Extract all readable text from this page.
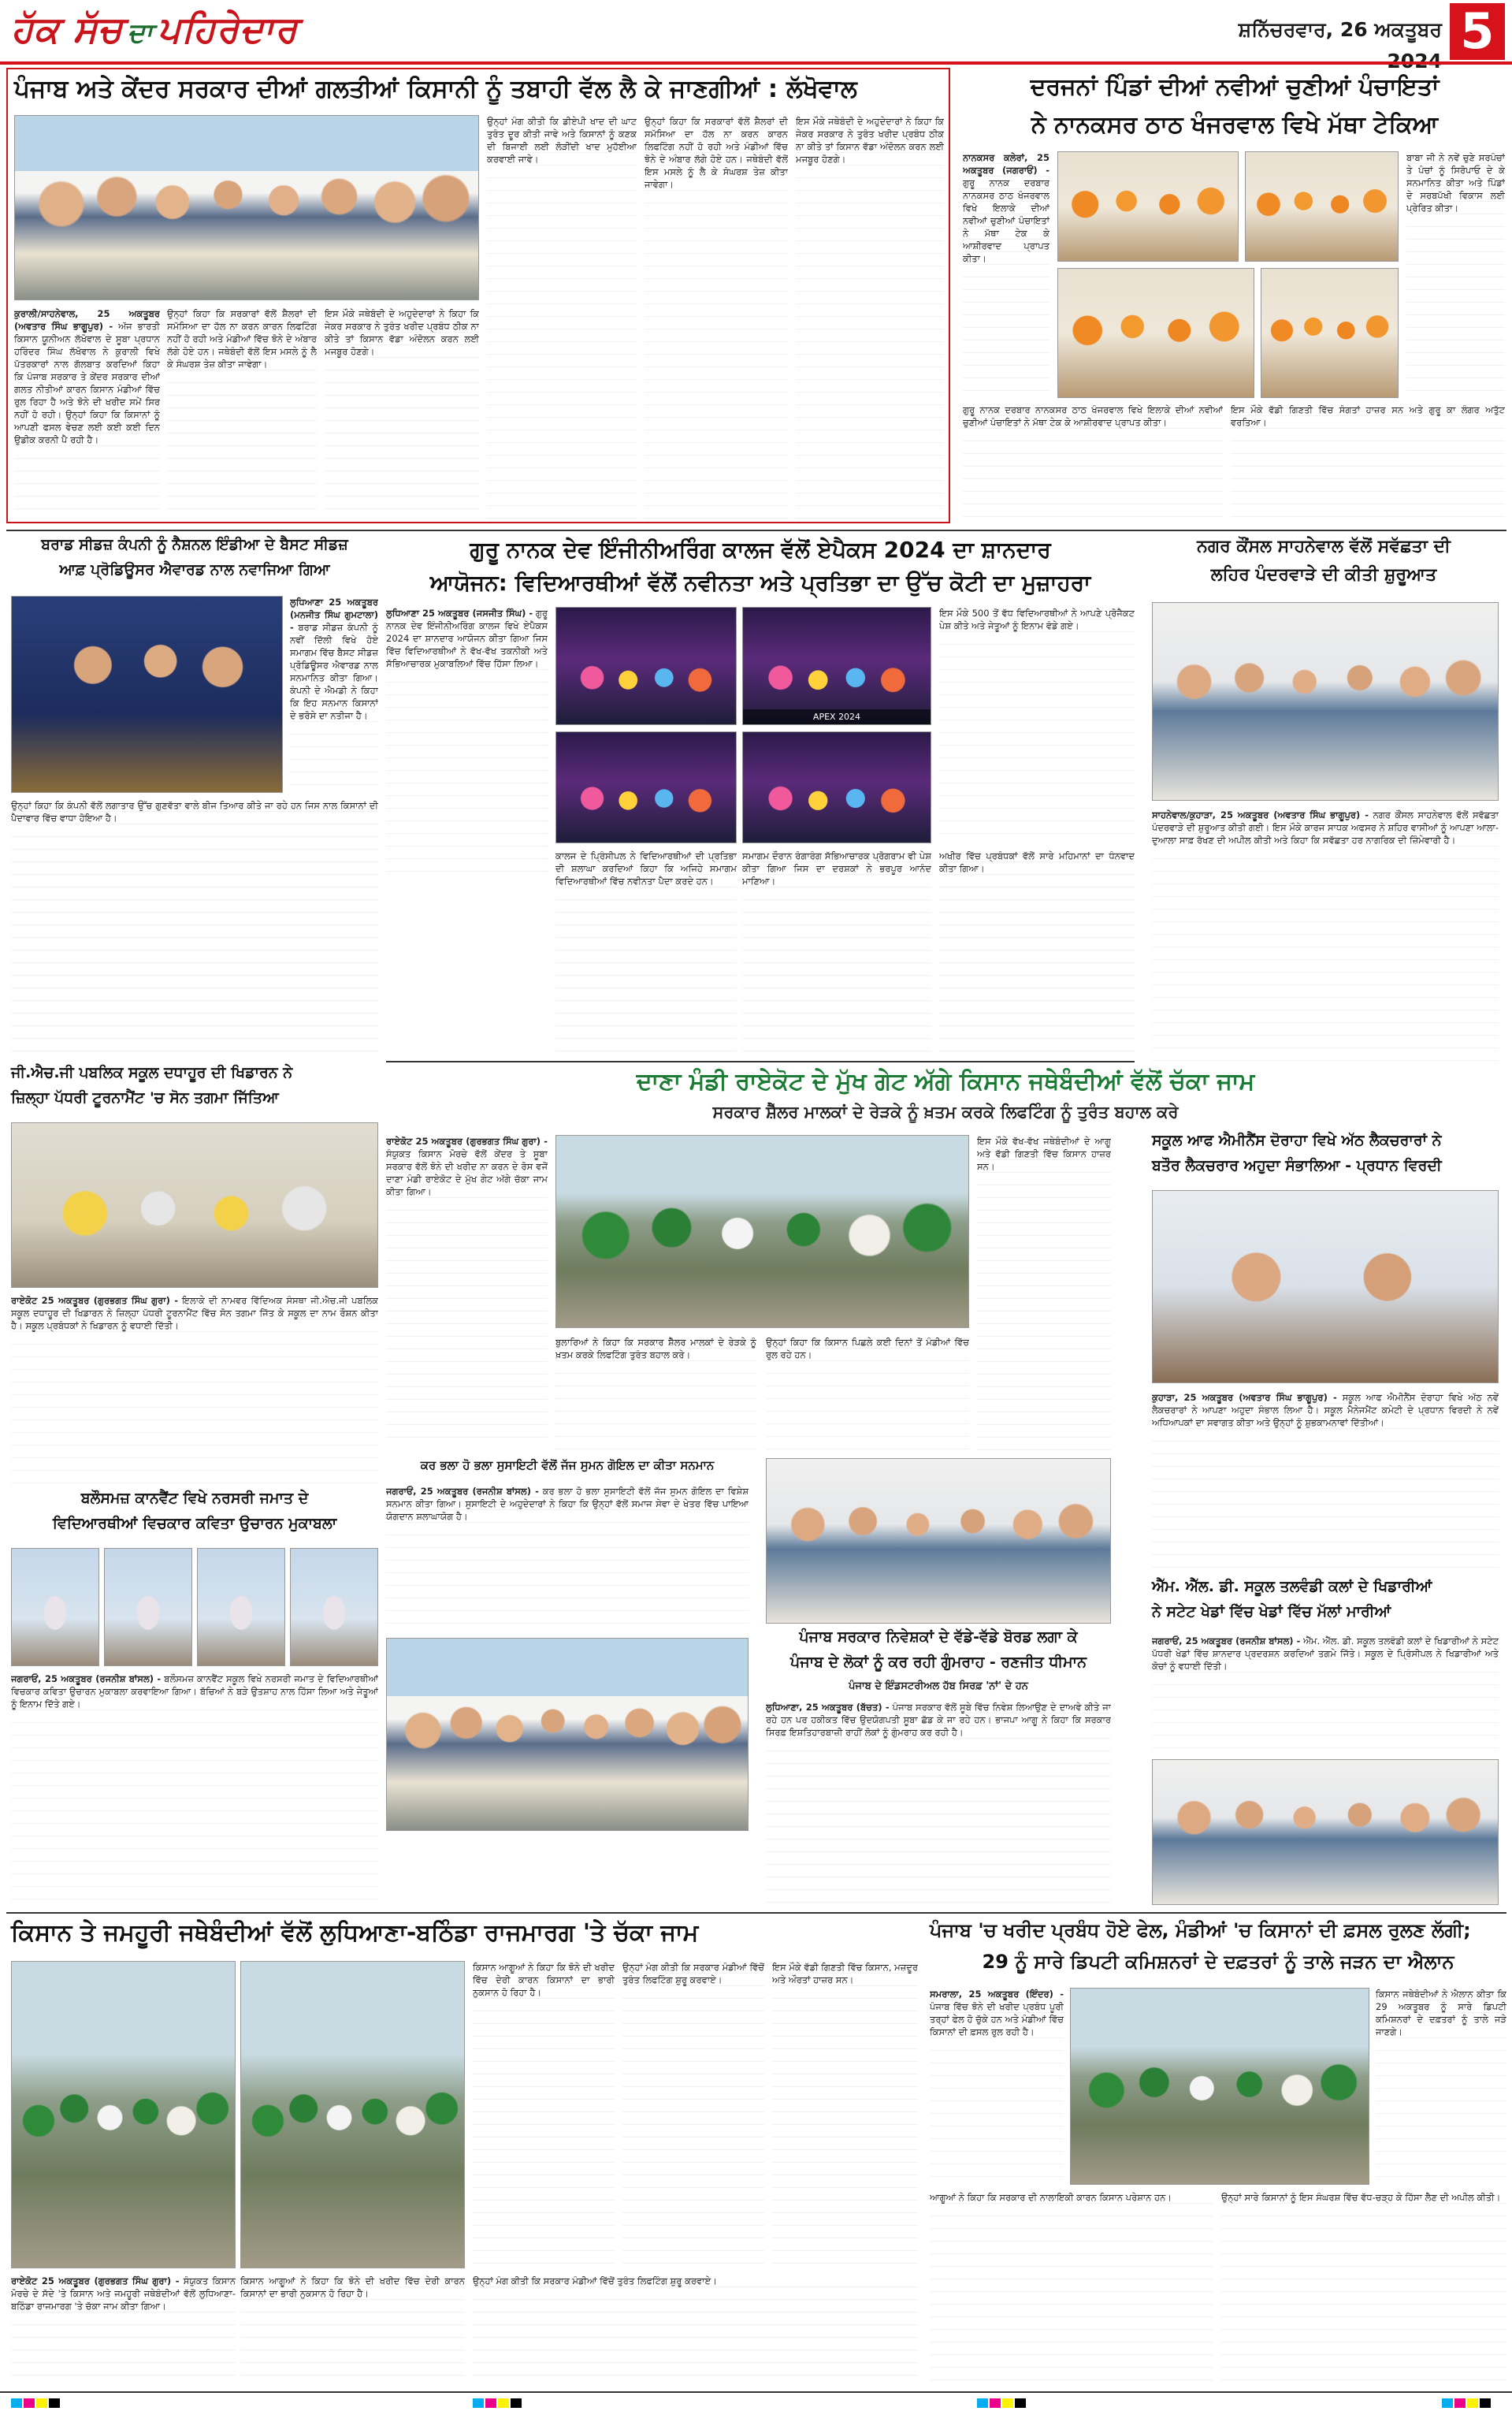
ਹੱਕ ਸੱਚ ਦਾ ਪਹਿਰੇਦਾਰ	ਸ਼ਨਿੱਚਰਵਾਰ, 26 ਅਕਤੂਬਰ 5
ਪੰਜਾਬ ਅਤੇ ਕੇਂਦਰ ਸਰਕਾਰ ਦੀਆਂ ਗਲਤੀਆਂ ਕਿਸਾਨੀ ਨੂੰ ਤਬਾਹੀ ਵੱਲ ਲੈ ਕੇ ਜਾਣਗੀਆਂ : ਲੱਖੋਵਾਲ
ਕੁਰਾਲੀ/ਸਾਹਨੇਵਾਲ, 25 ਅਕਤੂਬਰ (ਅਵਤਾਰ ਸਿੰਘ ਭਾਗੂਪੁਰ) - ਅੱਜ ਭਾਰਤੀ ਕਿਸਾਨ ਯੂਨੀਅਨ ਲੱਖੋਵਾਲ ਦੇ ਸੂਬਾ ਪ੍ਰਧਾਨ ਹਰਿੰਦਰ ਸਿੰਘ ਲੱਖੋਵਾਲ ਨੇ ਕੁਰਾਲੀ ਵਿਖੇ ਪੱਤਰਕਾਰਾਂ ਨਾਲ ਗੱਲਬਾਤ ਕਰਦਿਆਂ ਕਿਹਾ ਕਿ ਪੰਜਾਬ ਸਰਕਾਰ ਤੇ ਕੇਂਦਰ ਸਰਕਾਰ ਦੀਆਂ ਗਲਤ ਨੀਤੀਆਂ ਕਾਰਨ ਕਿਸਾਨ ਮੰਡੀਆਂ ਵਿੱਚ ਰੁਲ ਰਿਹਾ ਹੈ ਅਤੇ ਝੋਨੇ ਦੀ ਖਰੀਦ ਸਮੇਂ ਸਿਰ ਨਹੀਂ ਹੋ ਰਹੀ। ਉਨ੍ਹਾਂ ਕਿਹਾ ਕਿ ਕਿਸਾਨਾਂ ਨੂੰ ਆਪਣੀ ਫਸਲ ਵੇਚਣ ਲਈ ਕਈ ਕਈ ਦਿਨ ਉਡੀਕ ਕਰਨੀ ਪੈ ਰਹੀ ਹੈ।
ਉਨ੍ਹਾਂ ਕਿਹਾ ਕਿ ਸਰਕਾਰਾਂ ਵੱਲੋਂ ਸ਼ੈਲਰਾਂ ਦੀ ਸਮੱਸਿਆ ਦਾ ਹੱਲ ਨਾ ਕਰਨ ਕਾਰਨ ਲਿਫਟਿੰਗ ਨਹੀਂ ਹੋ ਰਹੀ ਅਤੇ ਮੰਡੀਆਂ ਵਿੱਚ ਝੋਨੇ ਦੇ ਅੰਬਾਰ ਲੱਗੇ ਹੋਏ ਹਨ। ਜਥੇਬੰਦੀ ਵੱਲੋਂ ਇਸ ਮਸਲੇ ਨੂੰ ਲੈ ਕੇ ਸੰਘਰਸ਼ ਤੇਜ਼ ਕੀਤਾ ਜਾਵੇਗਾ।
ਇਸ ਮੌਕੇ ਜਥੇਬੰਦੀ ਦੇ ਅਹੁਦੇਦਾਰਾਂ ਨੇ ਕਿਹਾ ਕਿ ਜੇਕਰ ਸਰਕਾਰ ਨੇ ਤੁਰੰਤ ਖਰੀਦ ਪ੍ਰਬੰਧ ਠੀਕ ਨਾ ਕੀਤੇ ਤਾਂ ਕਿਸਾਨ ਵੱਡਾ ਅੰਦੋਲਨ ਕਰਨ ਲਈ ਮਜਬੂਰ ਹੋਣਗੇ।
ਉਨ੍ਹਾਂ ਮੰਗ ਕੀਤੀ ਕਿ ਡੀਏਪੀ ਖਾਦ ਦੀ ਘਾਟ ਤੁਰੰਤ ਦੂਰ ਕੀਤੀ ਜਾਵੇ ਅਤੇ ਕਿਸਾਨਾਂ ਨੂੰ ਕਣਕ ਦੀ ਬਿਜਾਈ ਲਈ ਲੋੜੀਂਦੀ ਖਾਦ ਮੁਹੱਈਆ ਕਰਵਾਈ ਜਾਵੇ।
ਉਨ੍ਹਾਂ ਕਿਹਾ ਕਿ ਸਰਕਾਰਾਂ ਵੱਲੋਂ ਸ਼ੈਲਰਾਂ ਦੀ ਸਮੱਸਿਆ ਦਾ ਹੱਲ ਨਾ ਕਰਨ ਕਾਰਨ ਲਿਫਟਿੰਗ ਨਹੀਂ ਹੋ ਰਹੀ ਅਤੇ ਮੰਡੀਆਂ ਵਿੱਚ ਝੋਨੇ ਦੇ ਅੰਬਾਰ ਲੱਗੇ ਹੋਏ ਹਨ। ਜਥੇਬੰਦੀ ਵੱਲੋਂ ਇਸ ਮਸਲੇ ਨੂੰ ਲੈ ਕੇ ਸੰਘਰਸ਼ ਤੇਜ਼ ਕੀਤਾ ਜਾਵੇਗਾ।
ਇਸ ਮੌਕੇ ਜਥੇਬੰਦੀ ਦੇ ਅਹੁਦੇਦਾਰਾਂ ਨੇ ਕਿਹਾ ਕਿ ਜੇਕਰ ਸਰਕਾਰ ਨੇ ਤੁਰੰਤ ਖਰੀਦ ਪ੍ਰਬੰਧ ਠੀਕ ਨਾ ਕੀਤੇ ਤਾਂ ਕਿਸਾਨ ਵੱਡਾ ਅੰਦੋਲਨ ਕਰਨ ਲਈ ਮਜਬੂਰ ਹੋਣਗੇ।
ਦਰਜਨਾਂ ਪਿੰਡਾਂ ਦੀਆਂ ਨਵੀਆਂ ਚੁਣੀਆਂ ਪੰਚਾਇਤਾਂ
ਨੇ ਨਾਨਕਸਰ ਠਾਠ ਖੰਜਰਵਾਲ ਵਿਖੇ ਮੱਥਾ ਟੇਕਿਆ
ਨਾਨਕਸਰ ਕਲੇਰਾਂ, 25 ਅਕਤੂਬਰ (ਜਗਰਾਓਂ) - ਗੁਰੂ ਨਾਨਕ ਦਰਬਾਰ ਨਾਨਕਸਰ ਠਾਠ ਖੰਜਰਵਾਲ ਵਿਖੇ ਇਲਾਕੇ ਦੀਆਂ ਨਵੀਆਂ ਚੁਣੀਆਂ ਪੰਚਾਇਤਾਂ ਨੇ ਮੱਥਾ ਟੇਕ ਕੇ ਆਸ਼ੀਰਵਾਦ ਪ੍ਰਾਪਤ ਕੀਤਾ।
ਬਾਬਾ ਜੀ ਨੇ ਨਵੇਂ ਚੁਣੇ ਸਰਪੰਚਾਂ ਤੇ ਪੰਚਾਂ ਨੂੰ ਸਿਰੋਪਾਓ ਦੇ ਕੇ ਸਨਮਾਨਿਤ ਕੀਤਾ ਅਤੇ ਪਿੰਡਾਂ ਦੇ ਸਰਬਪੱਖੀ ਵਿਕਾਸ ਲਈ ਪ੍ਰੇਰਿਤ ਕੀਤਾ।
ਗੁਰੂ ਨਾਨਕ ਦਰਬਾਰ ਨਾਨਕਸਰ ਠਾਠ ਖੰਜਰਵਾਲ ਵਿਖੇ ਇਲਾਕੇ ਦੀਆਂ ਨਵੀਆਂ ਚੁਣੀਆਂ ਪੰਚਾਇਤਾਂ ਨੇ ਮੱਥਾ ਟੇਕ ਕੇ ਆਸ਼ੀਰਵਾਦ ਪ੍ਰਾਪਤ ਕੀਤਾ।
ਇਸ ਮੌਕੇ ਵੱਡੀ ਗਿਣਤੀ ਵਿੱਚ ਸੰਗਤਾਂ ਹਾਜ਼ਰ ਸਨ ਅਤੇ ਗੁਰੂ ਕਾ ਲੰਗਰ ਅਤੁੱਟ ਵਰਤਿਆ।
ਬਰਾਡ ਸੀਡਜ਼ ਕੰਪਨੀ ਨੂੰ ਨੈਸ਼ਨਲ ਇੰਡੀਆ ਦੇ ਬੈਸਟ ਸੀਡਜ਼
ਆਫ਼ ਪ੍ਰੋਡਿਊਸਰ ਐਵਾਰਡ ਨਾਲ ਨਵਾਜਿਆ ਗਿਆ
ਲੁਧਿਆਣਾ 25 ਅਕਤੂਬਰ (ਮਨਜੀਤ ਸਿੰਘ ਗੁਮਟਾਲਾ) - ਬਰਾਡ ਸੀਡਜ਼ ਕੰਪਨੀ ਨੂੰ ਨਵੀਂ ਦਿੱਲੀ ਵਿਖੇ ਹੋਏ ਸਮਾਗਮ ਵਿੱਚ ਬੈਸਟ ਸੀਡਜ਼ ਪ੍ਰੋਡਿਊਸਰ ਐਵਾਰਡ ਨਾਲ ਸਨਮਾਨਿਤ ਕੀਤਾ ਗਿਆ। ਕੰਪਨੀ ਦੇ ਐਮਡੀ ਨੇ ਕਿਹਾ ਕਿ ਇਹ ਸਨਮਾਨ ਕਿਸਾਨਾਂ ਦੇ ਭਰੋਸੇ ਦਾ ਨਤੀਜਾ ਹੈ।
ਉਨ੍ਹਾਂ ਕਿਹਾ ਕਿ ਕੰਪਨੀ ਵੱਲੋਂ ਲਗਾਤਾਰ ਉੱਚ ਗੁਣਵੱਤਾ ਵਾਲੇ ਬੀਜ ਤਿਆਰ ਕੀਤੇ ਜਾ ਰਹੇ ਹਨ ਜਿਸ ਨਾਲ ਕਿਸਾਨਾਂ ਦੀ ਪੈਦਾਵਾਰ ਵਿੱਚ ਵਾਧਾ ਹੋਇਆ ਹੈ।
ਗੁਰੂ ਨਾਨਕ ਦੇਵ ਇੰਜੀਨੀਅਰਿੰਗ ਕਾਲਜ ਵੱਲੋਂ ਏਪੈਕਸ 2024 ਦਾ ਸ਼ਾਨਦਾਰ
ਆਯੋਜਨ: ਵਿਦਿਆਰਥੀਆਂ ਵੱਲੋਂ ਨਵੀਨਤਾ ਅਤੇ ਪ੍ਰਤਿਭਾ ਦਾ ਉੱਚ ਕੋਟੀ ਦਾ ਮੁਜ਼ਾਹਰਾ
ਲੁਧਿਆਣਾ 25 ਅਕਤੂਬਰ (ਜਸਜੀਤ ਸਿੰਘ) - ਗੁਰੂ ਨਾਨਕ ਦੇਵ ਇੰਜੀਨੀਅਰਿੰਗ ਕਾਲਜ ਵਿਖੇ ਏਪੈਕਸ 2024 ਦਾ ਸ਼ਾਨਦਾਰ ਆਯੋਜਨ ਕੀਤਾ ਗਿਆ ਜਿਸ ਵਿੱਚ ਵਿਦਿਆਰਥੀਆਂ ਨੇ ਵੱਖ-ਵੱਖ ਤਕਨੀਕੀ ਅਤੇ ਸੱਭਿਆਚਾਰਕ ਮੁਕਾਬਲਿਆਂ ਵਿੱਚ ਹਿੱਸਾ ਲਿਆ।
APEX 2024
ਇਸ ਮੌਕੇ 500 ਤੋਂ ਵੱਧ ਵਿਦਿਆਰਥੀਆਂ ਨੇ ਆਪਣੇ ਪ੍ਰੋਜੈਕਟ ਪੇਸ਼ ਕੀਤੇ ਅਤੇ ਜੇਤੂਆਂ ਨੂੰ ਇਨਾਮ ਵੰਡੇ ਗਏ।
ਕਾਲਜ ਦੇ ਪ੍ਰਿੰਸੀਪਲ ਨੇ ਵਿਦਿਆਰਥੀਆਂ ਦੀ ਪ੍ਰਤਿਭਾ ਦੀ ਸ਼ਲਾਘਾ ਕਰਦਿਆਂ ਕਿਹਾ ਕਿ ਅਜਿਹੇ ਸਮਾਗਮ ਵਿਦਿਆਰਥੀਆਂ ਵਿੱਚ ਨਵੀਨਤਾ ਪੈਦਾ ਕਰਦੇ ਹਨ।
ਸਮਾਗਮ ਦੌਰਾਨ ਰੰਗਾਰੰਗ ਸੱਭਿਆਚਾਰਕ ਪ੍ਰੋਗਰਾਮ ਵੀ ਪੇਸ਼ ਕੀਤਾ ਗਿਆ ਜਿਸ ਦਾ ਦਰਸ਼ਕਾਂ ਨੇ ਭਰਪੂਰ ਆਨੰਦ ਮਾਣਿਆ।
ਅਖੀਰ ਵਿੱਚ ਪ੍ਰਬੰਧਕਾਂ ਵੱਲੋਂ ਸਾਰੇ ਮਹਿਮਾਨਾਂ ਦਾ ਧੰਨਵਾਦ ਕੀਤਾ ਗਿਆ।
ਨਗਰ ਕੌਂਸਲ ਸਾਹਨੇਵਾਲ ਵੱਲੋਂ ਸਵੱਛਤਾ ਦੀ
ਲਹਿਰ ਪੰਦਰਵਾੜੇ ਦੀ ਕੀਤੀ ਸ਼ੁਰੂਆਤ
ਸਾਹਨੇਵਾਲ/ਕੁਹਾੜਾ, 25 ਅਕਤੂਬਰ (ਅਵਤਾਰ ਸਿੰਘ ਭਾਗੂਪੁਰ) - ਨਗਰ ਕੌਂਸਲ ਸਾਹਨੇਵਾਲ ਵੱਲੋਂ ਸਵੱਛਤਾ ਪੰਦਰਵਾੜੇ ਦੀ ਸ਼ੁਰੂਆਤ ਕੀਤੀ ਗਈ। ਇਸ ਮੌਕੇ ਕਾਰਜ ਸਾਧਕ ਅਫਸਰ ਨੇ ਸ਼ਹਿਰ ਵਾਸੀਆਂ ਨੂੰ ਆਪਣਾ ਆਲਾ-ਦੁਆਲਾ ਸਾਫ਼ ਰੱਖਣ ਦੀ ਅਪੀਲ ਕੀਤੀ ਅਤੇ ਕਿਹਾ ਕਿ ਸਵੱਛਤਾ ਹਰ ਨਾਗਰਿਕ ਦੀ ਜ਼ਿੰਮੇਵਾਰੀ ਹੈ।
ਜੀ.ਐਚ.ਜੀ ਪਬਲਿਕ ਸਕੂਲ ਦਧਾਹੂਰ ਦੀ ਖਿਡਾਰਨ ਨੇ
ਜ਼ਿਲ੍ਹਾ ਪੱਧਰੀ ਟੂਰਨਾਮੈਂਟ 'ਚ ਸੋਨ ਤਗਮਾ ਜਿੱਤਿਆ
ਰਾਏਕੋਟ 25 ਅਕਤੂਬਰ (ਗੁਰਭਗਤ ਸਿੰਘ ਗੁਰਾ) - ਇਲਾਕੇ ਦੀ ਨਾਮਵਰ ਵਿੱਦਿਅਕ ਸੰਸਥਾ ਜੀ.ਐਚ.ਜੀ ਪਬਲਿਕ ਸਕੂਲ ਦਧਾਹੂਰ ਦੀ ਖਿਡਾਰਨ ਨੇ ਜ਼ਿਲ੍ਹਾ ਪੱਧਰੀ ਟੂਰਨਾਮੈਂਟ ਵਿੱਚ ਸੋਨ ਤਗਮਾ ਜਿੱਤ ਕੇ ਸਕੂਲ ਦਾ ਨਾਮ ਰੌਸ਼ਨ ਕੀਤਾ ਹੈ। ਸਕੂਲ ਪ੍ਰਬੰਧਕਾਂ ਨੇ ਖਿਡਾਰਨ ਨੂੰ ਵਧਾਈ ਦਿੱਤੀ।
ਦਾਣਾ ਮੰਡੀ ਰਾਏਕੋਟ ਦੇ ਮੁੱਖ ਗੇਟ ਅੱਗੇ ਕਿਸਾਨ ਜਥੇਬੰਦੀਆਂ ਵੱਲੋਂ ਚੱਕਾ ਜਾਮ
ਸਰਕਾਰ ਸ਼ੈੱਲਰ ਮਾਲਕਾਂ ਦੇ ਰੇੜਕੇ ਨੂੰ ਖ਼ਤਮ ਕਰਕੇ ਲਿਫਟਿੰਗ ਨੂੰ ਤੁਰੰਤ ਬਹਾਲ ਕਰੇ
ਰਾਏਕੋਟ 25 ਅਕਤੂਬਰ (ਗੁਰਭਗਤ ਸਿੰਘ ਗੁਰਾ) - ਸੰਯੁਕਤ ਕਿਸਾਨ ਮੋਰਚੇ ਵੱਲੋਂ ਕੇਂਦਰ ਤੇ ਸੂਬਾ ਸਰਕਾਰ ਵੱਲੋਂ ਝੋਨੇ ਦੀ ਖਰੀਦ ਨਾ ਕਰਨ ਦੇ ਰੋਸ ਵਜੋਂ ਦਾਣਾ ਮੰਡੀ ਰਾਏਕੋਟ ਦੇ ਮੁੱਖ ਗੇਟ ਅੱਗੇ ਚੱਕਾ ਜਾਮ ਕੀਤਾ ਗਿਆ।
ਬੁਲਾਰਿਆਂ ਨੇ ਕਿਹਾ ਕਿ ਸਰਕਾਰ ਸ਼ੈੱਲਰ ਮਾਲਕਾਂ ਦੇ ਰੇੜਕੇ ਨੂੰ ਖ਼ਤਮ ਕਰਕੇ ਲਿਫਟਿੰਗ ਤੁਰੰਤ ਬਹਾਲ ਕਰੇ।
ਉਨ੍ਹਾਂ ਕਿਹਾ ਕਿ ਕਿਸਾਨ ਪਿਛਲੇ ਕਈ ਦਿਨਾਂ ਤੋਂ ਮੰਡੀਆਂ ਵਿੱਚ ਰੁਲ ਰਹੇ ਹਨ।
ਇਸ ਮੌਕੇ ਵੱਖ-ਵੱਖ ਜਥੇਬੰਦੀਆਂ ਦੇ ਆਗੂ ਅਤੇ ਵੱਡੀ ਗਿਣਤੀ ਵਿੱਚ ਕਿਸਾਨ ਹਾਜ਼ਰ ਸਨ।
ਸਕੂਲ ਆਫ ਐਮੀਨੈਂਸ ਦੋਰਾਹਾ ਵਿਖੇ ਅੱਠ ਲੈਕਚਰਾਰਾਂ ਨੇ
ਬਤੌਰ ਲੈਕਚਰਾਰ ਅਹੁਦਾ ਸੰਭਾਲਿਆ - ਪ੍ਰਧਾਨ ਵਿਰਦੀ
ਕੁਹਾੜਾ, 25 ਅਕਤੂਬਰ (ਅਵਤਾਰ ਸਿੰਘ ਭਾਗੂਪੁਰ) - ਸਕੂਲ ਆਫ ਐਮੀਨੈਂਸ ਦੋਰਾਹਾ ਵਿਖੇ ਅੱਠ ਨਵੇਂ ਲੈਕਚਰਾਰਾਂ ਨੇ ਆਪਣਾ ਅਹੁਦਾ ਸੰਭਾਲ ਲਿਆ ਹੈ। ਸਕੂਲ ਮੈਨੇਜਮੈਂਟ ਕਮੇਟੀ ਦੇ ਪ੍ਰਧਾਨ ਵਿਰਦੀ ਨੇ ਨਵੇਂ ਅਧਿਆਪਕਾਂ ਦਾ ਸਵਾਗਤ ਕੀਤਾ ਅਤੇ ਉਨ੍ਹਾਂ ਨੂੰ ਸ਼ੁਭਕਾਮਨਾਵਾਂ ਦਿੱਤੀਆਂ।
ਬਲੌਸਮਜ਼ ਕਾਨਵੈਂਟ ਵਿਖੇ ਨਰਸਰੀ ਜਮਾਤ ਦੇ
ਵਿਦਿਆਰਥੀਆਂ ਵਿਚਕਾਰ ਕਵਿਤਾ ਉਚਾਰਨ ਮੁਕਾਬਲਾ
ਜਗਰਾਓਂ, 25 ਅਕਤੂਬਰ (ਰਜਨੀਸ਼ ਬਾਂਸਲ) - ਬਲੌਸਮਜ਼ ਕਾਨਵੈਂਟ ਸਕੂਲ ਵਿਖੇ ਨਰਸਰੀ ਜਮਾਤ ਦੇ ਵਿਦਿਆਰਥੀਆਂ ਵਿਚਕਾਰ ਕਵਿਤਾ ਉਚਾਰਨ ਮੁਕਾਬਲਾ ਕਰਵਾਇਆ ਗਿਆ। ਬੱਚਿਆਂ ਨੇ ਬੜੇ ਉਤਸ਼ਾਹ ਨਾਲ ਹਿੱਸਾ ਲਿਆ ਅਤੇ ਜੇਤੂਆਂ ਨੂੰ ਇਨਾਮ ਦਿੱਤੇ ਗਏ।
ਕਰ ਭਲਾ ਹੋ ਭਲਾ ਸੁਸਾਇਟੀ ਵੱਲੋਂ ਜੱਜ ਸੁਮਨ ਗੋਇਲ ਦਾ ਕੀਤਾ ਸਨਮਾਨ
ਜਗਰਾਓਂ, 25 ਅਕਤੂਬਰ (ਰਜਨੀਸ਼ ਬਾਂਸਲ) - ਕਰ ਭਲਾ ਹੋ ਭਲਾ ਸੁਸਾਇਟੀ ਵੱਲੋਂ ਜੱਜ ਸੁਮਨ ਗੋਇਲ ਦਾ ਵਿਸ਼ੇਸ਼ ਸਨਮਾਨ ਕੀਤਾ ਗਿਆ। ਸੁਸਾਇਟੀ ਦੇ ਅਹੁਦੇਦਾਰਾਂ ਨੇ ਕਿਹਾ ਕਿ ਉਨ੍ਹਾਂ ਵੱਲੋਂ ਸਮਾਜ ਸੇਵਾ ਦੇ ਖੇਤਰ ਵਿੱਚ ਪਾਇਆ ਯੋਗਦਾਨ ਸ਼ਲਾਘਾਯੋਗ ਹੈ।
ਪੰਜਾਬ ਸਰਕਾਰ ਨਿਵੇਸ਼ਕਾਂ ਦੇ ਵੱਡੇ-ਵੱਡੇ ਬੋਰਡ ਲਗਾ ਕੇ
ਪੰਜਾਬ ਦੇ ਲੋਕਾਂ ਨੂੰ ਕਰ ਰਹੀ ਗੁੰਮਰਾਹ - ਰਣਜੀਤ ਧੀਮਾਨ
ਪੰਜਾਬ ਦੇ ਇੰਡਸਟਰੀਅਲ ਹੱਬ ਸਿਰਫ਼ 'ਨਾਂ' ਦੇ ਹਨ
ਲੁਧਿਆਣਾ, 25 ਅਕਤੂਬਰ (ਬੱਚਤ) - ਪੰਜਾਬ ਸਰਕਾਰ ਵੱਲੋਂ ਸੂਬੇ ਵਿੱਚ ਨਿਵੇਸ਼ ਲਿਆਉਣ ਦੇ ਦਾਅਵੇ ਕੀਤੇ ਜਾ ਰਹੇ ਹਨ ਪਰ ਹਕੀਕਤ ਵਿੱਚ ਉਦਯੋਗਪਤੀ ਸੂਬਾ ਛੱਡ ਕੇ ਜਾ ਰਹੇ ਹਨ। ਭਾਜਪਾ ਆਗੂ ਨੇ ਕਿਹਾ ਕਿ ਸਰਕਾਰ ਸਿਰਫ਼ ਇਸ਼ਤਿਹਾਰਬਾਜ਼ੀ ਰਾਹੀਂ ਲੋਕਾਂ ਨੂੰ ਗੁੰਮਰਾਹ ਕਰ ਰਹੀ ਹੈ।
ਐੱਮ. ਐੱਲ. ਡੀ. ਸਕੂਲ ਤਲਵੰਡੀ ਕਲਾਂ ਦੇ ਖਿਡਾਰੀਆਂ
ਨੇ ਸਟੇਟ ਖੇਡਾਂ ਵਿੱਚ ਖੇਡਾਂ ਵਿੱਚ ਮੱਲਾਂ ਮਾਰੀਆਂ
ਜਗਰਾਓਂ, 25 ਅਕਤੂਬਰ (ਰਜਨੀਸ਼ ਬਾਂਸਲ) - ਐੱਮ. ਐੱਲ. ਡੀ. ਸਕੂਲ ਤਲਵੰਡੀ ਕਲਾਂ ਦੇ ਖਿਡਾਰੀਆਂ ਨੇ ਸਟੇਟ ਪੱਧਰੀ ਖੇਡਾਂ ਵਿੱਚ ਸ਼ਾਨਦਾਰ ਪ੍ਰਦਰਸ਼ਨ ਕਰਦਿਆਂ ਤਗਮੇ ਜਿੱਤੇ। ਸਕੂਲ ਦੇ ਪ੍ਰਿੰਸੀਪਲ ਨੇ ਖਿਡਾਰੀਆਂ ਅਤੇ ਕੋਚਾਂ ਨੂੰ ਵਧਾਈ ਦਿੱਤੀ।
ਕਿਸਾਨ ਤੇ ਜਮਹੂਰੀ ਜਥੇਬੰਦੀਆਂ ਵੱਲੋਂ ਲੁਧਿਆਣਾ-ਬਠਿੰਡਾ ਰਾਜਮਾਰਗ 'ਤੇ ਚੱਕਾ ਜਾਮ
ਕਿਸਾਨ ਆਗੂਆਂ ਨੇ ਕਿਹਾ ਕਿ ਝੋਨੇ ਦੀ ਖਰੀਦ ਵਿੱਚ ਦੇਰੀ ਕਾਰਨ ਕਿਸਾਨਾਂ ਦਾ ਭਾਰੀ ਨੁਕਸਾਨ ਹੋ ਰਿਹਾ ਹੈ।
ਉਨ੍ਹਾਂ ਮੰਗ ਕੀਤੀ ਕਿ ਸਰਕਾਰ ਮੰਡੀਆਂ ਵਿੱਚੋਂ ਤੁਰੰਤ ਲਿਫਟਿੰਗ ਸ਼ੁਰੂ ਕਰਵਾਏ।
ਇਸ ਮੌਕੇ ਵੱਡੀ ਗਿਣਤੀ ਵਿੱਚ ਕਿਸਾਨ, ਮਜ਼ਦੂਰ ਅਤੇ ਔਰਤਾਂ ਹਾਜ਼ਰ ਸਨ।
ਰਾਏਕੋਟ 25 ਅਕਤੂਬਰ (ਗੁਰਭਗਤ ਸਿੰਘ ਗੁਰਾ) - ਸੰਯੁਕਤ ਕਿਸਾਨ ਮੋਰਚੇ ਦੇ ਸੱਦੇ 'ਤੇ ਕਿਸਾਨ ਅਤੇ ਜਮਹੂਰੀ ਜਥੇਬੰਦੀਆਂ ਵੱਲੋਂ ਲੁਧਿਆਣਾ-ਬਠਿੰਡਾ ਰਾਜਮਾਰਗ 'ਤੇ ਚੱਕਾ ਜਾਮ ਕੀਤਾ ਗਿਆ।
ਕਿਸਾਨ ਆਗੂਆਂ ਨੇ ਕਿਹਾ ਕਿ ਝੋਨੇ ਦੀ ਖਰੀਦ ਵਿੱਚ ਦੇਰੀ ਕਾਰਨ ਕਿਸਾਨਾਂ ਦਾ ਭਾਰੀ ਨੁਕਸਾਨ ਹੋ ਰਿਹਾ ਹੈ।
ਉਨ੍ਹਾਂ ਮੰਗ ਕੀਤੀ ਕਿ ਸਰਕਾਰ ਮੰਡੀਆਂ ਵਿੱਚੋਂ ਤੁਰੰਤ ਲਿਫਟਿੰਗ ਸ਼ੁਰੂ ਕਰਵਾਏ।
ਪੰਜਾਬ 'ਚ ਖਰੀਦ ਪ੍ਰਬੰਧ ਹੋਏ ਫੇਲ, ਮੰਡੀਆਂ 'ਚ ਕਿਸਾਨਾਂ ਦੀ ਫ਼ਸਲ ਰੁਲਣ ਲੱਗੀ;
29 ਨੂੰ ਸਾਰੇ ਡਿਪਟੀ ਕਮਿਸ਼ਨਰਾਂ ਦੇ ਦਫ਼ਤਰਾਂ ਨੂੰ ਤਾਲੇ ਜੜਨ ਦਾ ਐਲਾਨ
ਸਮਰਾਲਾ, 25 ਅਕਤੂਬਰ (ਇੰਦਰ) - ਪੰਜਾਬ ਵਿੱਚ ਝੋਨੇ ਦੀ ਖਰੀਦ ਪ੍ਰਬੰਧ ਪੂਰੀ ਤਰ੍ਹਾਂ ਫੇਲ ਹੋ ਚੁੱਕੇ ਹਨ ਅਤੇ ਮੰਡੀਆਂ ਵਿੱਚ ਕਿਸਾਨਾਂ ਦੀ ਫ਼ਸਲ ਰੁਲ ਰਹੀ ਹੈ।
ਕਿਸਾਨ ਜਥੇਬੰਦੀਆਂ ਨੇ ਐਲਾਨ ਕੀਤਾ ਕਿ 29 ਅਕਤੂਬਰ ਨੂੰ ਸਾਰੇ ਡਿਪਟੀ ਕਮਿਸ਼ਨਰਾਂ ਦੇ ਦਫ਼ਤਰਾਂ ਨੂੰ ਤਾਲੇ ਜੜੇ ਜਾਣਗੇ।
ਆਗੂਆਂ ਨੇ ਕਿਹਾ ਕਿ ਸਰਕਾਰ ਦੀ ਨਾਲਾਇਕੀ ਕਾਰਨ ਕਿਸਾਨ ਪਰੇਸ਼ਾਨ ਹਨ।	ਉਨ੍ਹਾਂ ਸਾਰੇ ਕਿਸਾਨਾਂ ਨੂੰ ਇਸ ਸੰਘਰਸ਼ ਵਿੱਚ ਵੱਧ-ਚੜ੍ਹ ਕੇ ਹਿੱਸਾ ਲੈਣ ਦੀ ਅਪੀਲ ਕੀਤੀ।
